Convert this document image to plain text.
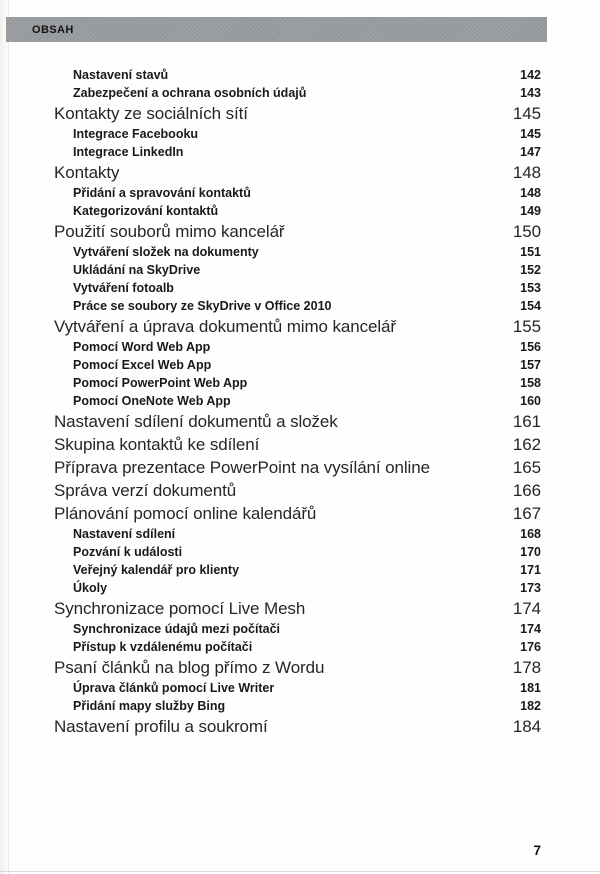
OBSAH
Nastavení stavů	142
Zabezpečení a ochrana osobních údajů	143
Kontakty ze sociálních sítí	145
Integrace Facebooku	145
Integrace LinkedIn	147
Kontakty	148
Přidání a spravování kontaktů	148
Kategorizování kontaktů	149
Použití souborů mimo kancelář	150
Vytváření složek na dokumenty	151
Ukládání na SkyDrive	152
Vytváření fotoalb	153
Práce se soubory ze SkyDrive v Office 2010	154
Vytváření a úprava dokumentů mimo kancelář	155
Pomocí Word Web App	156
Pomocí Excel Web App	157
Pomocí PowerPoint Web App	158
Pomocí OneNote Web App	160
Nastavení sdílení dokumentů a složek	161
Skupina kontaktů ke sdílení	162
Příprava prezentace PowerPoint na vysílání online	165
Správa verzí dokumentů	166
Plánování pomocí online kalendářů	167
Nastavení sdílení	168
Pozvání k události	170
Veřejný kalendář pro klienty	171
Úkoly	173
Synchronizace pomocí Live Mesh	174
Synchronizace údajů mezi počítači	174
Přístup k vzdálenému počítači	176
Psaní článků na blog přímo z Wordu	178
Úprava článků pomocí Live Writer	181
Přidání mapy služby Bing	182
Nastavení profilu a soukromí	184
7
